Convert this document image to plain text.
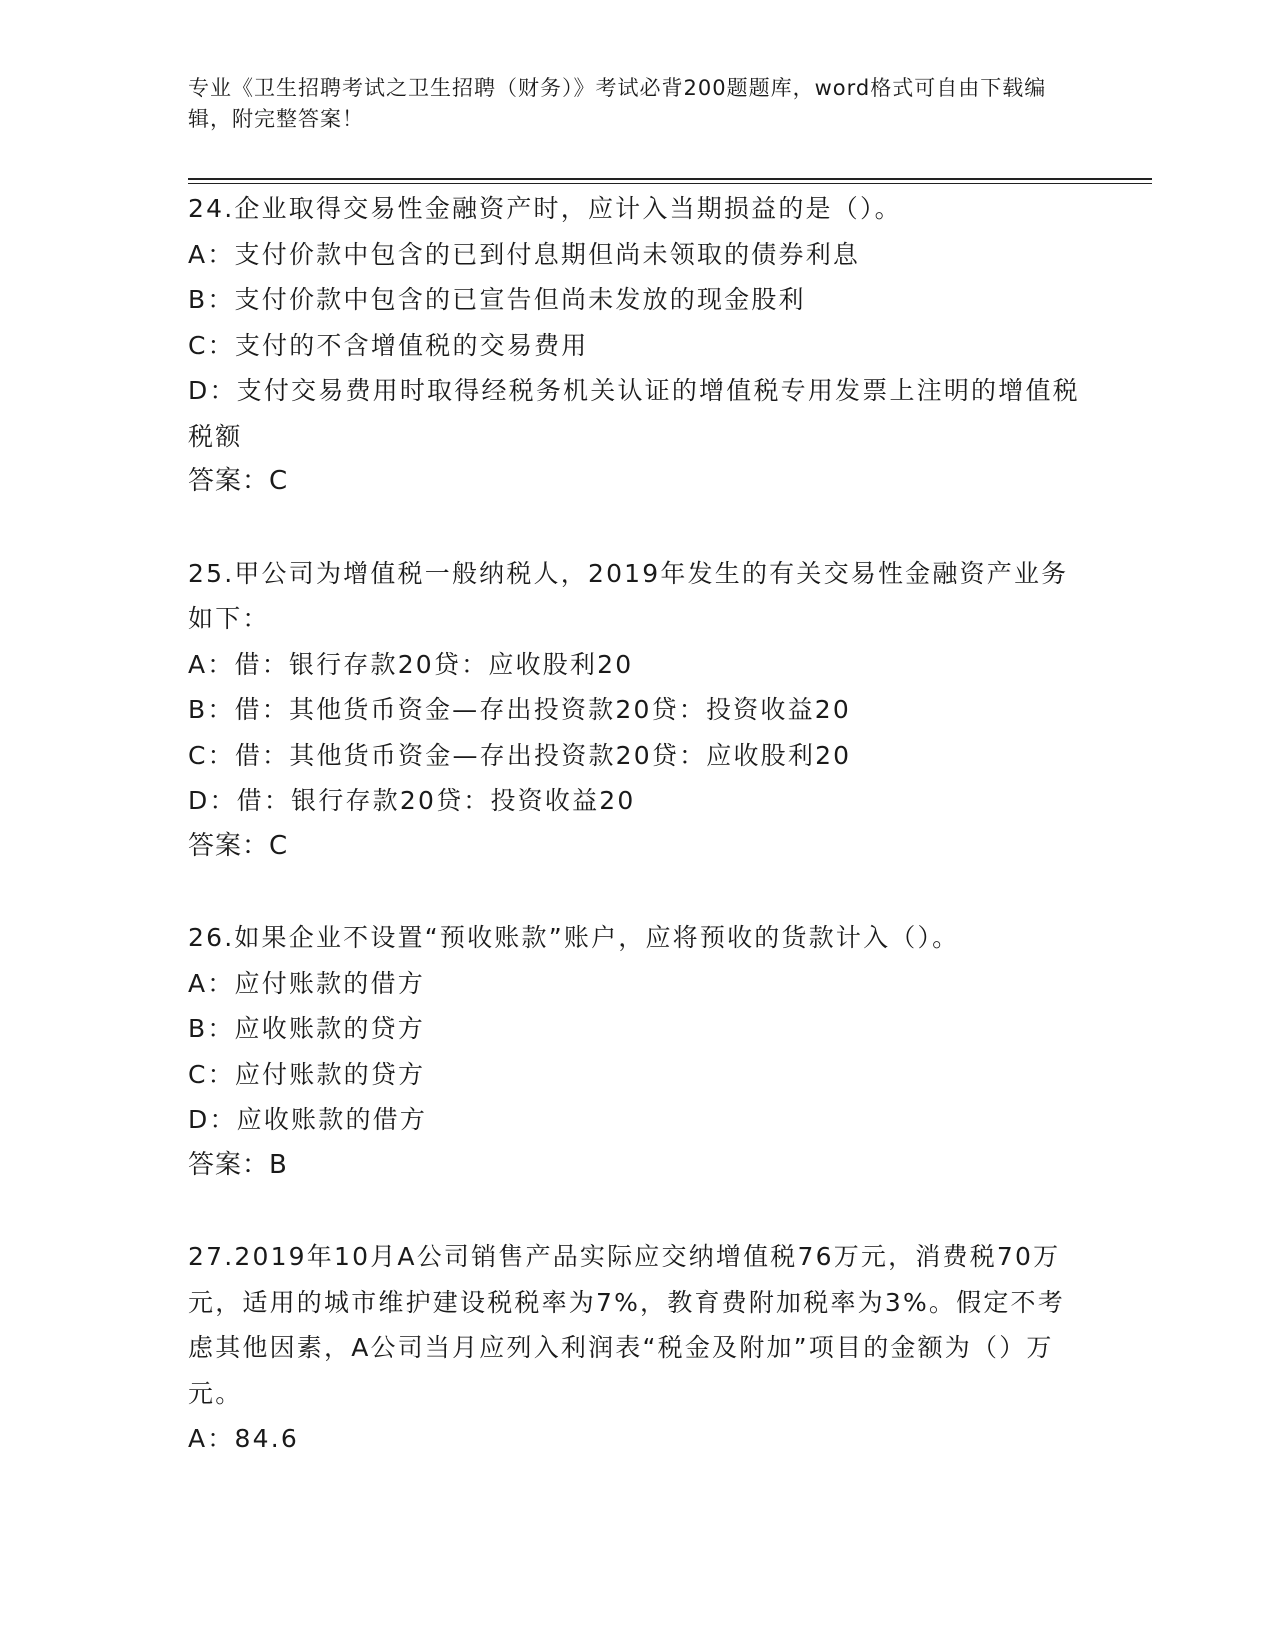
专业《卫生招聘考试之卫生招聘（财务）》考试必背200题题库，word格式可自由下载编辑，附完整答案！

24.企业取得交易性金融资产时，应计入当期损益的是（）。

A：支付价款中包含的已到付息期但尚未领取的债券利息

B：支付价款中包含的已宣告但尚未发放的现金股利

C：支付的不含增值税的交易费用

D：支付交易费用时取得经税务机关认证的增值税专用发票上注明的增值税税额

答案：C

25.甲公司为增值税一般纳税人，2019年发生的有关交易性金融资产业务如下：

A：借：银行存款20贷：应收股利20

B：借：其他货币资金—存出投资款20贷：投资收益20

C：借：其他货币资金—存出投资款20贷：应收股利20

D：借：银行存款20贷：投资收益20

答案：C

26.如果企业不设置“预收账款”账户，应将预收的货款计入（）。

A：应付账款的借方

B：应收账款的贷方

C：应付账款的贷方

D：应收账款的借方

答案：B

27.2019年10月A公司销售产品实际应交纳增值税76万元，消费税70万元，适用的城市维护建设税税率为7%，教育费附加税率为3%。假定不考虑其他因素，A公司当月应列入利润表“税金及附加”项目的金额为（）万元。

A：84.6
